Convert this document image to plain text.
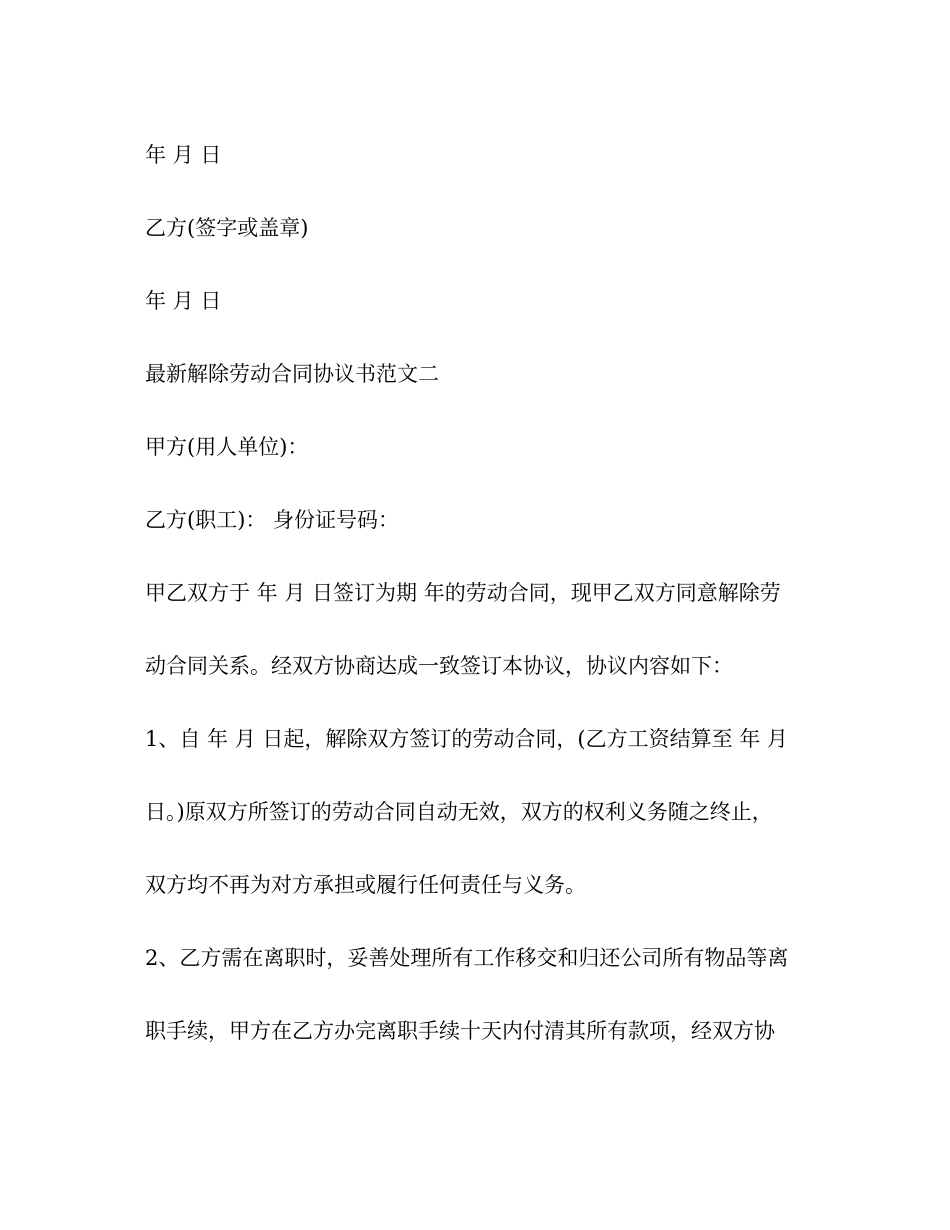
年 月 日
乙方(签字或盖章)
年 月 日
最新解除劳动合同协议书范文二
甲方(用人单位)：
乙方(职工)： 身份证号码：
甲乙双方于 年 月 日签订为期 年的劳动合同，现甲乙双方同意解除劳
动合同关系。经双方协商达成一致签订本协议，协议内容如下：
1、自 年 月 日起，解除双方签订的劳动合同，(乙方工资结算至 年 月
日。)原双方所签订的劳动合同自动无效，双方的权利义务随之终止，
双方均不再为对方承担或履行任何责任与义务。
2、乙方需在离职时，妥善处理所有工作移交和归还公司所有物品等离
职手续，甲方在乙方办完离职手续十天内付清其所有款项，经双方协
